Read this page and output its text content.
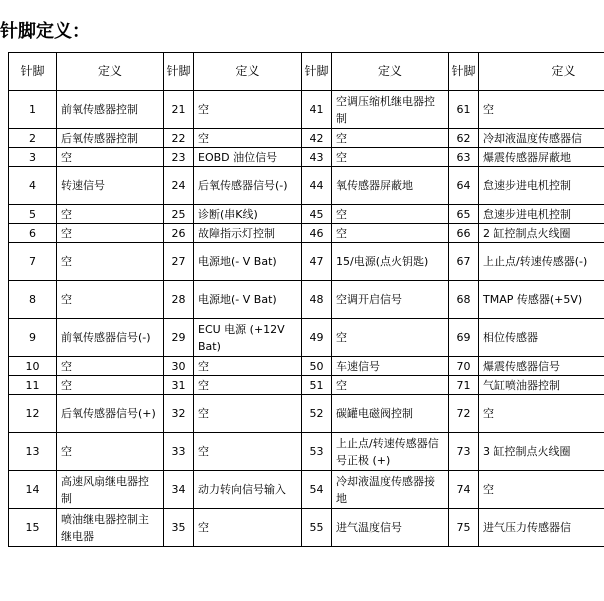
针脚定义：
针脚	定义	针脚	定义	针脚	定义	针脚	定义
1	前氧传感器控制	21	空	41	空调压缩机继电器控制	61	空
2	后氧传感器控制	22	空	42	空	62	冷却液温度传感器信
3	空	23	EOBD 油位信号	43	空	63	爆震传感器屏蔽地
4	转速信号	24	后氧传感器信号(-)	44	氧传感器屏蔽地	64	怠速步进电机控制
5	空	25	诊断(串K线)	45	空	65	怠速步进电机控制
6	空	26	故障指示灯控制	46	空	66	2 缸控制点火线圈
7	空	27	电源地(- V Bat)	47	15/电源(点火钥匙)	67	上止点/转速传感器(-)
8	空	28	电源地(- V Bat)	48	空调开启信号	68	TMAP 传感器(+5V)
9	前氧传感器信号(-)	29	ECU 电源 (+12V Bat)	49	空	69	相位传感器
10	空	30	空	50	车速信号	70	爆震传感器信号
11	空	31	空	51	空	71	气缸喷油器控制
12	后氧传感器信号(+)	32	空	52	碳罐电磁阀控制	72	空
13	空	33	空	53	上止点/转速传感器信号正极 (+)	73	3 缸控制点火线圈
14	高速风扇继电器控制	34	动力转向信号输入	54	冷却液温度传感器接地	74	空
15	喷油继电器控制主继电器	35	空	55	进气温度信号	75	进气压力传感器信
